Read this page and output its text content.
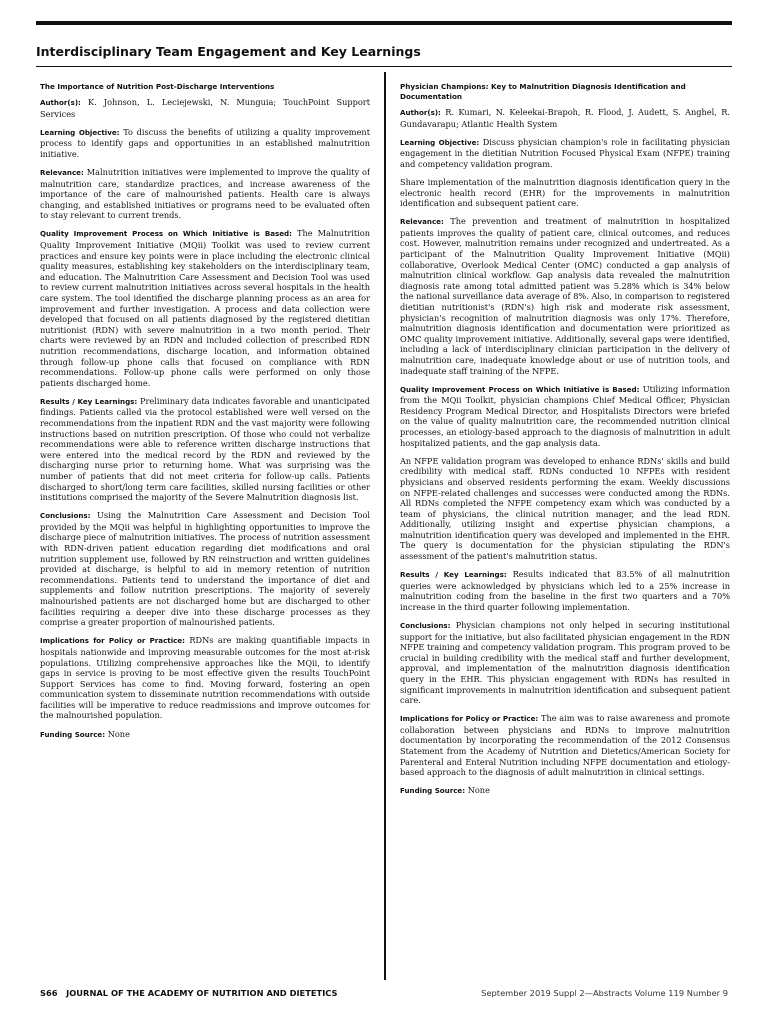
Interdisciplinary Team Engagement and Key Learnings
The Importance of Nutrition Post-Discharge Interventions

Author(s): K. Johnson, L. Leciejewski, N. Munguia; TouchPoint Support Services

Learning Objective: To discuss the benefits of utilizing a quality improvement process to identify gaps and opportunities in an established malnutrition initiative.

Relevance: Malnutrition initiatives were implemented to improve the quality of malnutrition care, standardize practices, and increase awareness of the importance of the care of malnourished patients. Health care is always changing, and established initiatives or programs need to be evaluated often to stay relevant to current trends.

Quality Improvement Process on Which Initiative is Based: The Malnutrition Quality Improvement Initiative (MQii) Toolkit was used to review current practices and ensure key points were in place including the electronic clinical quality measures, establishing key stakeholders on the interdisciplinary team, and education. The Malnutrition Care Assessment and Decision Tool was used to review current malnutrition initiatives across several hospitals in the health care system. The tool identified the discharge planning process as an area for improvement and further investigation. A process and data collection were developed that focused on all patients diagnosed by the registered dietitian nutritionist (RDN) with severe malnutrition in a two month period. Their charts were reviewed by an RDN and included collection of prescribed RDN nutrition recommendations, discharge location, and information obtained through follow-up phone calls that focused on compliance with RDN recommendations. Follow-up phone calls were performed on only those patients discharged home.

Results / Key Learnings: Preliminary data indicates favorable and unanticipated findings. Patients called via the protocol established were well versed on the recommendations from the inpatient RDN and the vast majority were following instructions based on nutrition prescription. Of those who could not verbalize recommendations were able to reference written discharge instructions that were entered into the medical record by the RDN and reviewed by the discharging nurse prior to returning home. What was surprising was the number of patients that did not meet criteria for follow-up calls. Patients discharged to short/long term care facilities, skilled nursing facilities or other institutions comprised the majority of the Severe Malnutrition diagnosis list.

Conclusions: Using the Malnutrition Care Assessment and Decision Tool provided by the MQii was helpful in highlighting opportunities to improve the discharge piece of malnutrition initiatives. The process of nutrition assessment with RDN-driven patient education regarding diet modifications and oral nutrition supplement use, followed by RN reinstruction and written guidelines provided at discharge, is helpful to aid in memory retention of nutrition recommendations. Patients tend to understand the importance of diet and supplements and follow nutrition prescriptions. The majority of severely malnourished patients are not discharged home but are discharged to other facilities requiring a deeper dive into these discharge processes as they comprise a greater proportion of malnourished patients.

Implications for Policy or Practice: RDNs are making quantifiable impacts in hospitals nationwide and improving measurable outcomes for the most at-risk populations. Utilizing comprehensive approaches like the MQii, to identify gaps in service is proving to be most effective given the results TouchPoint Support Services has come to find. Moving forward, fostering an open communication system to disseminate nutrition recommendations with outside facilities will be imperative to reduce readmissions and improve outcomes for the malnourished population.

Funding Source: None

Physician Champions: Key to Malnutrition Diagnosis Identification and Documentation

Author(s): R. Kumari, N. Keleekai-Brapoh, R. Flood, J. Audett, S. Anghel, R. Gundavarapu; Atlantic Health System

Learning Objective: Discuss physician champion's role in facilitating physician engagement in the dietitian Nutrition Focused Physical Exam (NFPE) training and competency validation program.

Share implementation of the malnutrition diagnosis identification query in the electronic health record (EHR) for the improvements in malnutrition identification and subsequent patient care.

Relevance: The prevention and treatment of malnutrition in hospitalized patients improves the quality of patient care, clinical outcomes, and reduces cost. However, malnutrition remains under recognized and undertreated. As a participant of the Malnutrition Quality Improvement Initiative (MQii) collaborative, Overlook Medical Center (OMC) conducted a gap analysis of malnutrition clinical workflow. Gap analysis data revealed the malnutrition diagnosis rate among total admitted patient was 5.28% which is 34% below the national surveillance data average of 8%. Also, in comparison to registered dietitian nutritionist's (RDN's) high risk and moderate risk assessment, physician's recognition of malnutrition diagnosis was only 17%. Therefore, malnutrition diagnosis identification and documentation were prioritized as OMC quality improvement initiative. Additionally, several gaps were identified, including a lack of interdisciplinary clinician participation in the delivery of malnutrition care, inadequate knowledge about or use of nutrition tools, and inadequate staff training of the NFPE.

Quality Improvement Process on Which Initiative is Based: Utilizing information from the MQii Toolkit, physician champions Chief Medical Officer, Physician Residency Program Medical Director, and Hospitalists Directors were briefed on the value of quality malnutrition care, the recommended nutrition clinical processes, an etiology-based approach to the diagnosis of malnutrition in adult hospitalized patients, and the gap analysis data.

An NFPE validation program was developed to enhance RDNs' skills and build credibility with medical staff. RDNs conducted 10 NFPEs with resident physicians and observed residents performing the exam. Weekly discussions on NFPE-related challenges and successes were conducted among the RDNs. All RDNs completed the NFPE competency exam which was conducted by a team of physicians, the clinical nutrition manager, and the lead RDN. Additionally, utilizing insight and expertise physician champions, a malnutrition identification query was developed and implemented in the EHR. The query is documentation for the physician stipulating the RDN's assessment of the patient's malnutrition status.

Results / Key Learnings: Results indicated that 83.5% of all malnutrition queries were acknowledged by physicians which led to a 25% increase in malnutrition coding from the baseline in the first two quarters and a 70% increase in the third quarter following implementation.

Conclusions: Physician champions not only helped in securing institutional support for the initiative, but also facilitated physician engagement in the RDN NFPE training and competency validation program. This program proved to be crucial in building credibility with the medical staff and further development, approval, and implementation of the malnutrition diagnosis identification query in the EHR. This physician engagement with RDNs has resulted in significant improvements in malnutrition identification and subsequent patient care.

Implications for Policy or Practice: The aim was to raise awareness and promote collaboration between physicians and RDNs to improve malnutrition documentation by incorporating the recommendation of the 2012 Consensus Statement from the Academy of Nutrition and Dietetics/American Society for Parenteral and Enteral Nutrition including NFPE documentation and etiology-based approach to the diagnosis of adult malnutrition in clinical settings.

Funding Source: None

S66 JOURNAL OF THE ACADEMY OF NUTRITION AND DIETETICS	September 2019 Suppl 2—Abstracts Volume 119 Number 9
